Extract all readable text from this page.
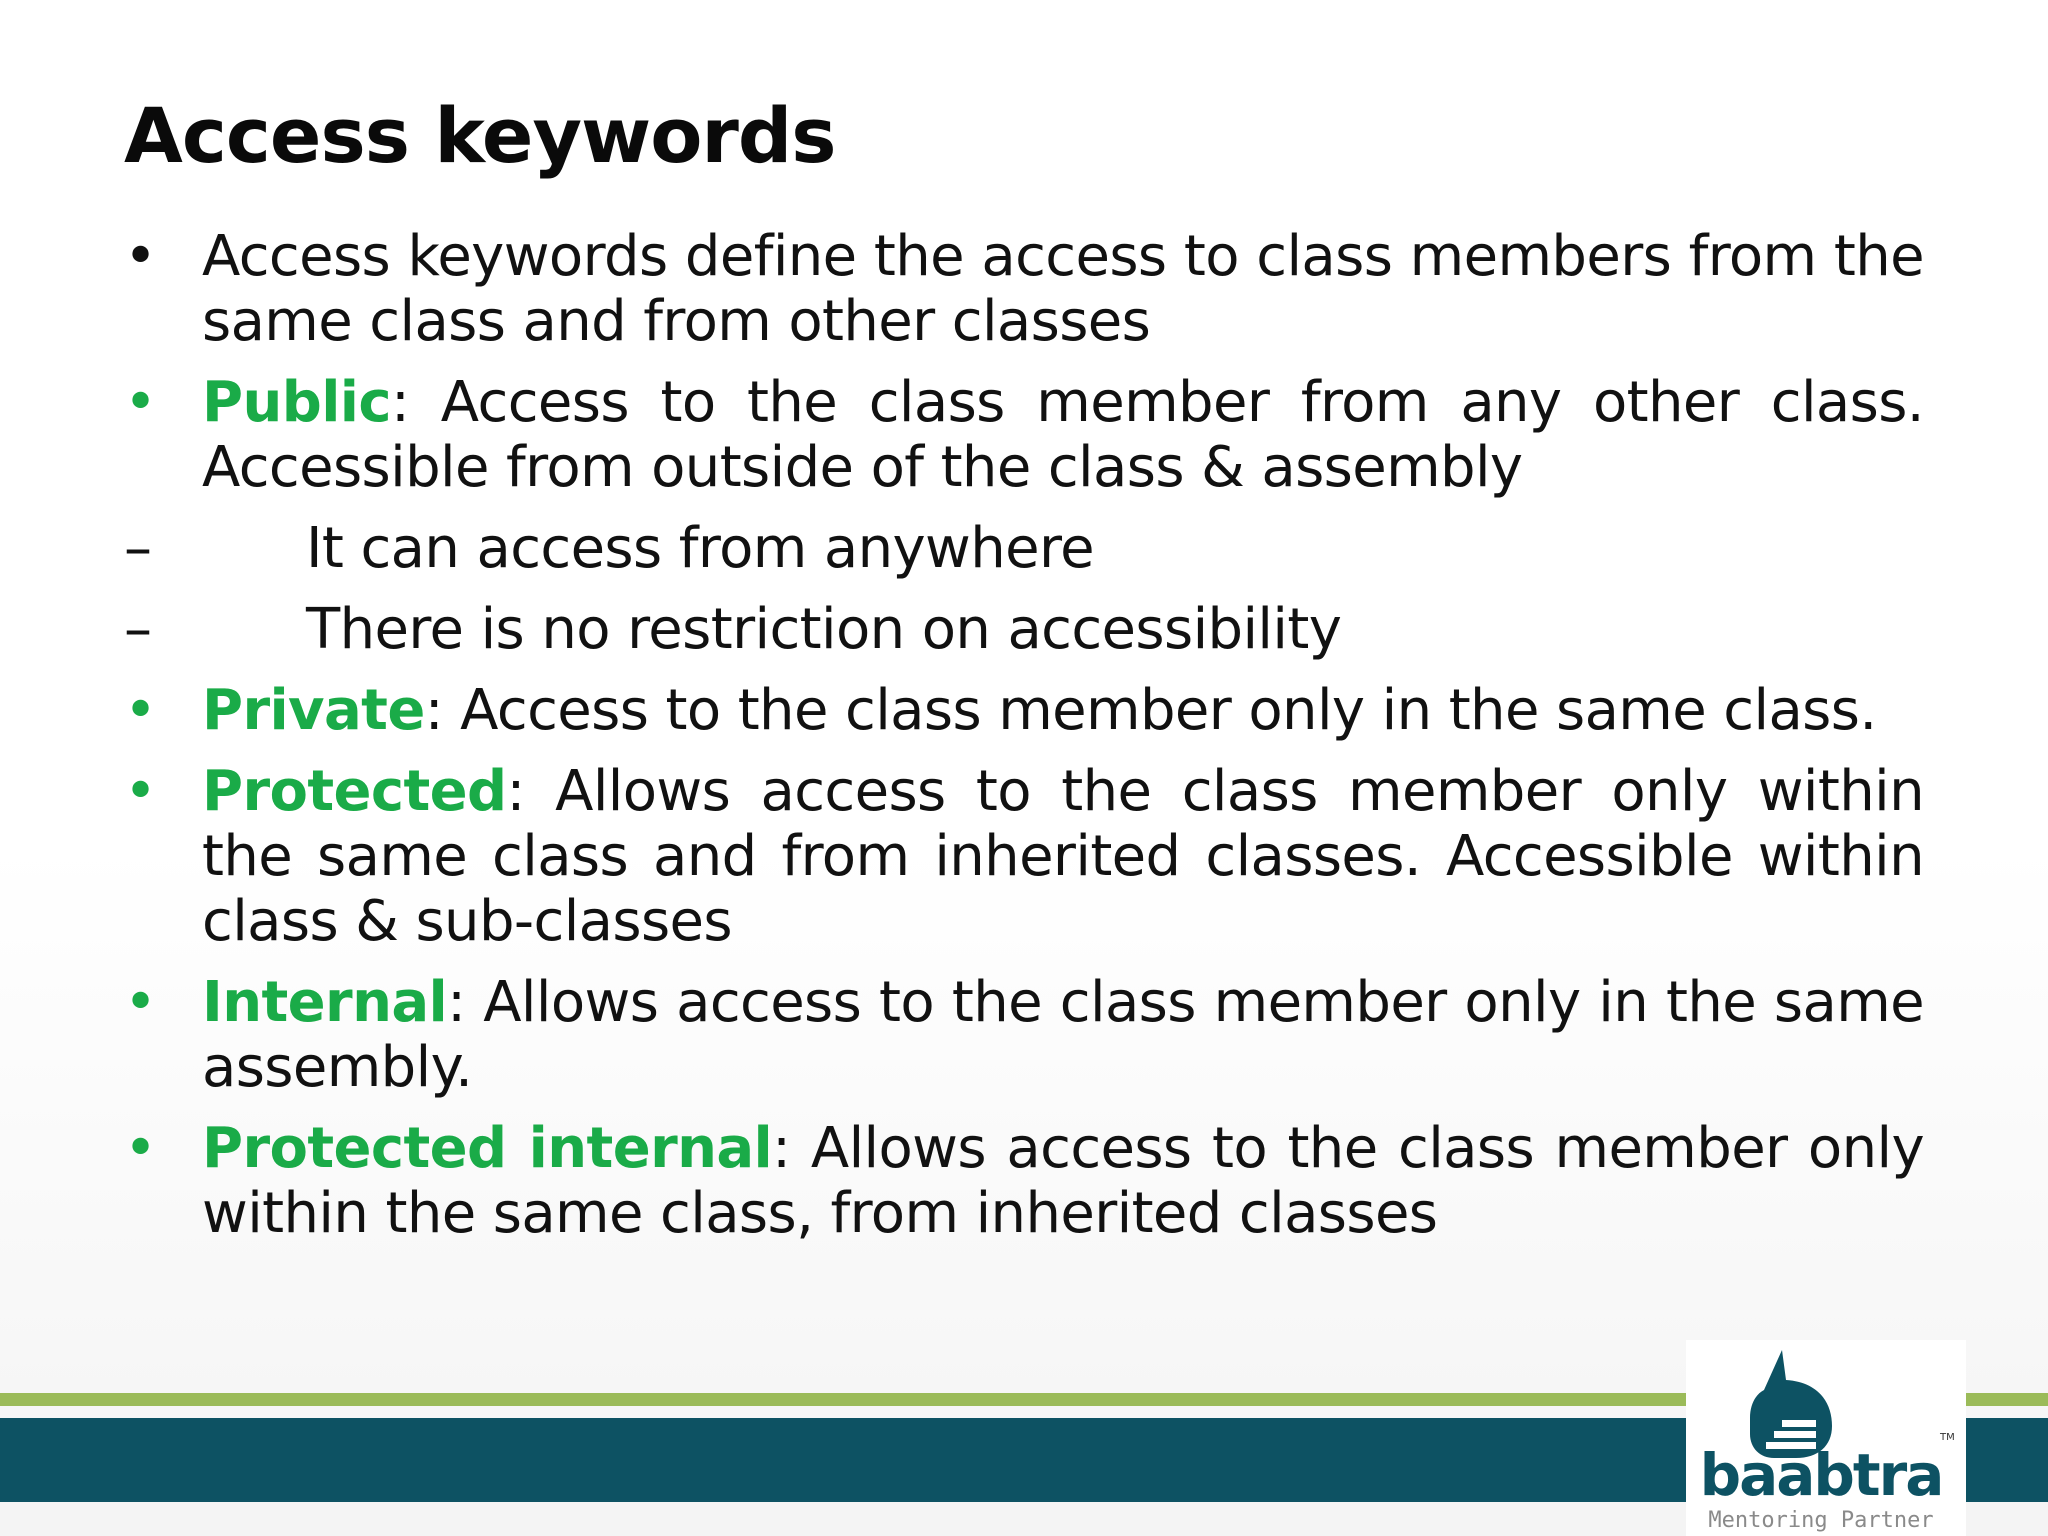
Access keywords
• Access keywords define the access to class members from the same class and from other classes
• Public: Access to the class member from any other class. Accessible from outside of the class & assembly
–	It can access from anywhere
–	There is no restriction on accessibility
• Private: Access to the class member only in the same class.
• Protected: Allows access to the class member only within the same class and from inherited classes. Accessible within class & sub-classes
• Internal: Allows access to the class member only in the same assembly.
• Protected internal: Allows access to the class member only within the same class, from inherited classes
baabtra
TM
Mentoring Partner
